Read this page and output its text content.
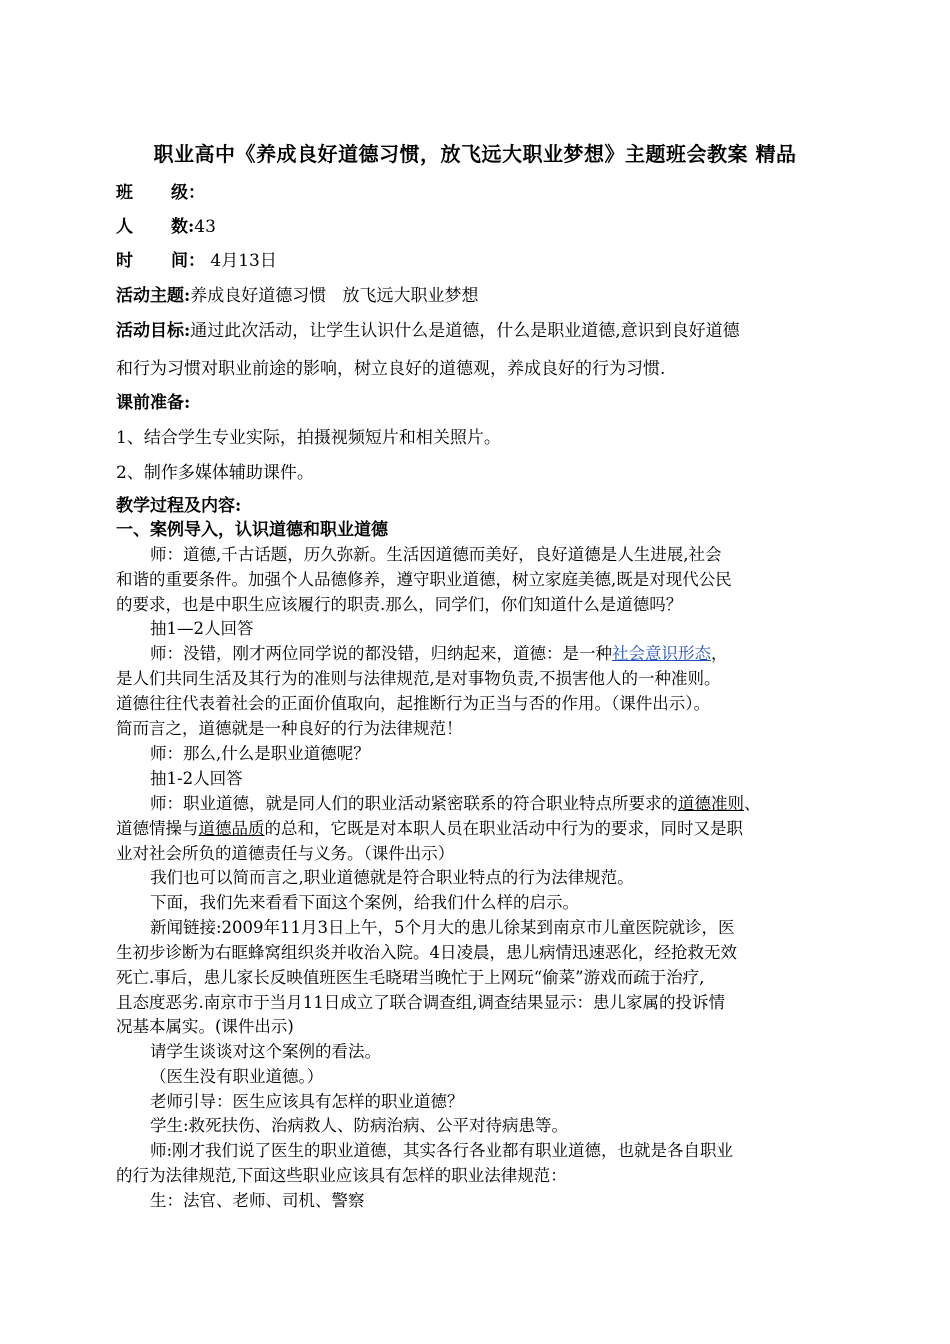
职业高中《养成良好道德习惯，放飞远大职业梦想》主题班会教案 精品
班 级：
人 数:43
时 间： 4月13日
活动主题:养成良好道德习惯   放飞远大职业梦想
活动目标:通过此次活动，让学生认识什么是道德，什么是职业道德,意识到良好道德
和行为习惯对职业前途的影响，树立良好的道德观，养成良好的行为习惯.
课前准备:
1、结合学生专业实际，拍摄视频短片和相关照片。
2、制作多媒体辅助课件。
教学过程及内容:
一、案例导入，认识道德和职业道德
师：道德,千古话题，历久弥新。生活因道德而美好，良好道德是人生进展,社会
和谐的重要条件。加强个人品德修养，遵守职业道德，树立家庭美德,既是对现代公民
的要求，也是中职生应该履行的职责.那么，同学们，你们知道什么是道德吗？
抽1—2人回答
师：没错，刚才两位同学说的都没错，归纳起来，道德：是一种社会意识形态，
是人们共同生活及其行为的准则与法律规范,是对事物负责,不损害他人的一种准则。
道德往往代表着社会的正面价值取向，起推断行为正当与否的作用。（课件出示）。
简而言之，道德就是一种良好的行为法律规范！
师：那么,什么是职业道德呢？
抽1-2人回答
师：职业道德，就是同人们的职业活动紧密联系的符合职业特点所要求的道德准则、
道德情操与道德品质的总和，它既是对本职人员在职业活动中行为的要求，同时又是职
业对社会所负的道德责任与义务。（课件出示）
我们也可以简而言之,职业道德就是符合职业特点的行为法律规范。
下面，我们先来看看下面这个案例，给我们什么样的启示。
新闻链接:2009年11月3日上午，5个月大的患儿徐某到南京市儿童医院就诊，医
生初步诊断为右眶蜂窝组织炎并收治入院。4日凌晨，患儿病情迅速恶化，经抢救无效
死亡.事后，患儿家长反映值班医生毛晓珺当晚忙于上网玩“偷菜”游戏而疏于治疗,
且态度恶劣.南京市于当月11日成立了联合调查组,调查结果显示：患儿家属的投诉情
况基本属实。(课件出示)
请学生谈谈对这个案例的看法。
（医生没有职业道德。）
老师引导：医生应该具有怎样的职业道德？
学生:救死扶伤、治病救人、防病治病、公平对待病患等。
师:刚才我们说了医生的职业道德，其实各行各业都有职业道德，也就是各自职业
的行为法律规范,下面这些职业应该具有怎样的职业法律规范：
生：法官、老师、司机、警察
